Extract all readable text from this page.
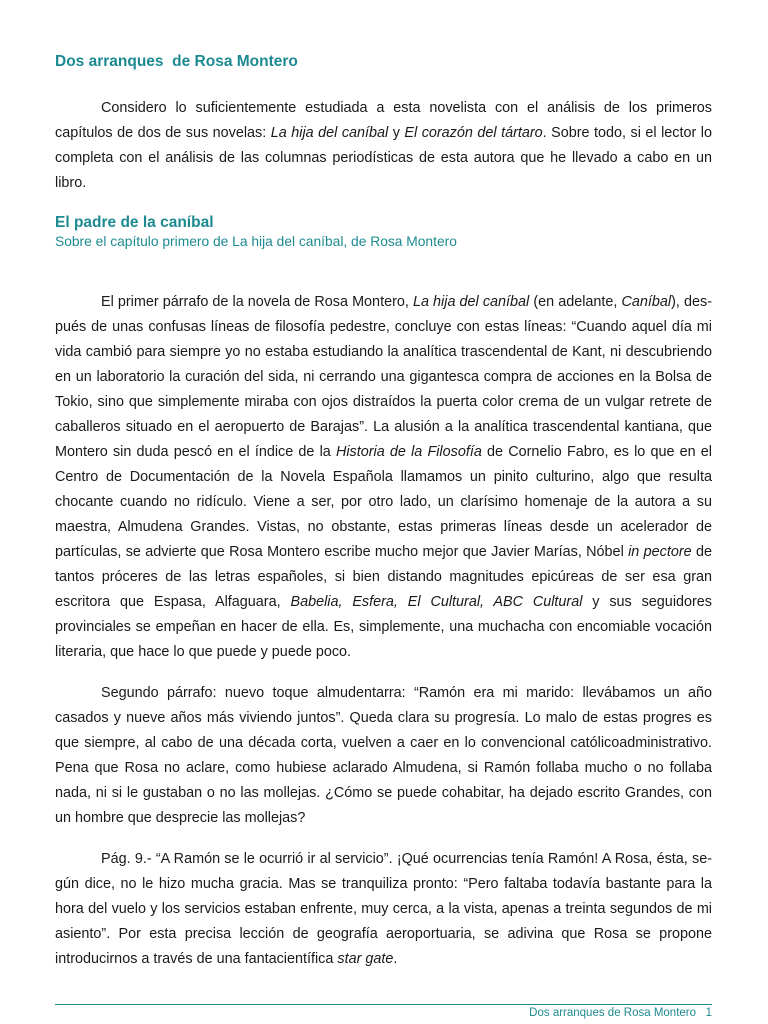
Dos arranques  de Rosa Montero

Considero lo suficientemente estudiada a esta novelista con el análisis de los primeros capítulos de dos de sus novelas: La hija del caníbal y El corazón del tártaro. Sobre todo, si el lector lo completa con el análisis de las columnas periodísticas de esta autora que he llevado a cabo en un libro.

El padre de la caníbal
Sobre el capítulo primero de La hija del caníbal, de Rosa Montero

El primer párrafo de la novela de Rosa Montero, La hija del caníbal (en adelante, Caníbal), después de unas confusas líneas de filosofía pedestre, concluye con estas líneas: “Cuando aquel día mi vida cambió para siempre yo no estaba estudiando la analítica trascendental de Kant, ni descubriendo en un laboratorio la curación del sida, ni cerrando una gigantesca compra de acciones en la Bolsa de Tokio, sino que simplemente miraba con ojos distraídos la puerta color crema de un vulgar retrete de caballeros situado en el aeropuerto de Barajas”. La alusión a la analítica trascendental kantiana, que Montero sin duda pescó en el índice de la Historia de la Filosofía de Cornelio Fabro, es lo que en el Centro de Documentación de la Novela Española llamamos un pinito culturino, algo que resulta chocante cuando no ridículo. Viene a ser, por otro lado, un clarísimo homenaje de la autora a su maestra, Almudena Grandes. Vistas, no obstante, estas primeras líneas desde un acelerador de partículas, se advierte que Rosa Montero escribe mucho mejor que Javier Marías, Nóbel in pectore de tantos próceres de las letras españoles, si bien distando magnitudes epicúreas de ser esa gran escritora que Espasa, Alfaguara, Babelia, Esfera, El Cultural, ABC Cultural y sus seguidores provinciales se empeñan en hacer de ella. Es, simplemente, una muchacha con encomiable vocación literaria, que hace lo que puede y puede poco.

Segundo párrafo: nuevo toque almudentarra: “Ramón era mi marido: llevábamos un año casados y nueve años más viviendo juntos”. Queda clara su progresía. Lo malo de estas progres es que siempre, al cabo de una década corta, vuelven a caer en lo convencional católicoadministrativo. Pena que Rosa no aclare, como hubiese aclarado Almudena, si Ramón follaba mucho o no follaba nada, ni si le gustaban o no las mollejas. ¿Cómo se puede cohabitar, ha dejado escrito Grandes, con un hombre que desprecie las mollejas?

Pág. 9.- “A Ramón se le ocurrió ir al servicio”. ¡Qué ocurrencias tenía Ramón! A Rosa, ésta, según dice, no le hizo mucha gracia. Mas se tranquiliza pronto: “Pero faltaba todavía bastante para la hora del vuelo y los servicios estaban enfrente, muy cerca, a la vista, apenas a treinta segundos de mi asiento”. Por esta precisa lección de geografía aeroportuaria, se adivina que Rosa se propone introducirnos a través de una fantacientífica star gate.

Dos arranques de Rosa Montero   1
